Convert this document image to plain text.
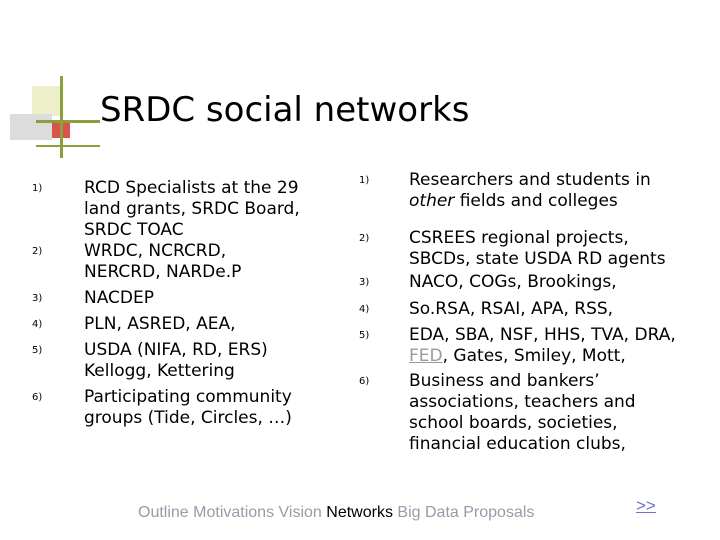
SRDC social networks
1) RCD Specialists at the 29
land grants, SRDC Board,
SRDC TOAC
2) WRDC, NCRCRD,
NERCRD, NARDe.P
3) NACDEP
4) PLN, ASRED, AEA,
5) USDA (NIFA, RD, ERS)
Kellogg, Kettering
6) Participating community
groups (Tide, Circles, …)
1) Researchers and students in
other fields and colleges
2) CSREES regional projects,
SBCDs, state USDA RD agents
3) NACO, COGs, Brookings,
4) So.RSA, RSAI, APA, RSS,
5) EDA, SBA, NSF, HHS, TVA, DRA,
FED, Gates, Smiley, Mott,
6) Business and bankers’
associations, teachers and
school boards, societies,
financial education clubs,
Outline Motivations Vision Networks Big Data Proposals	>>
